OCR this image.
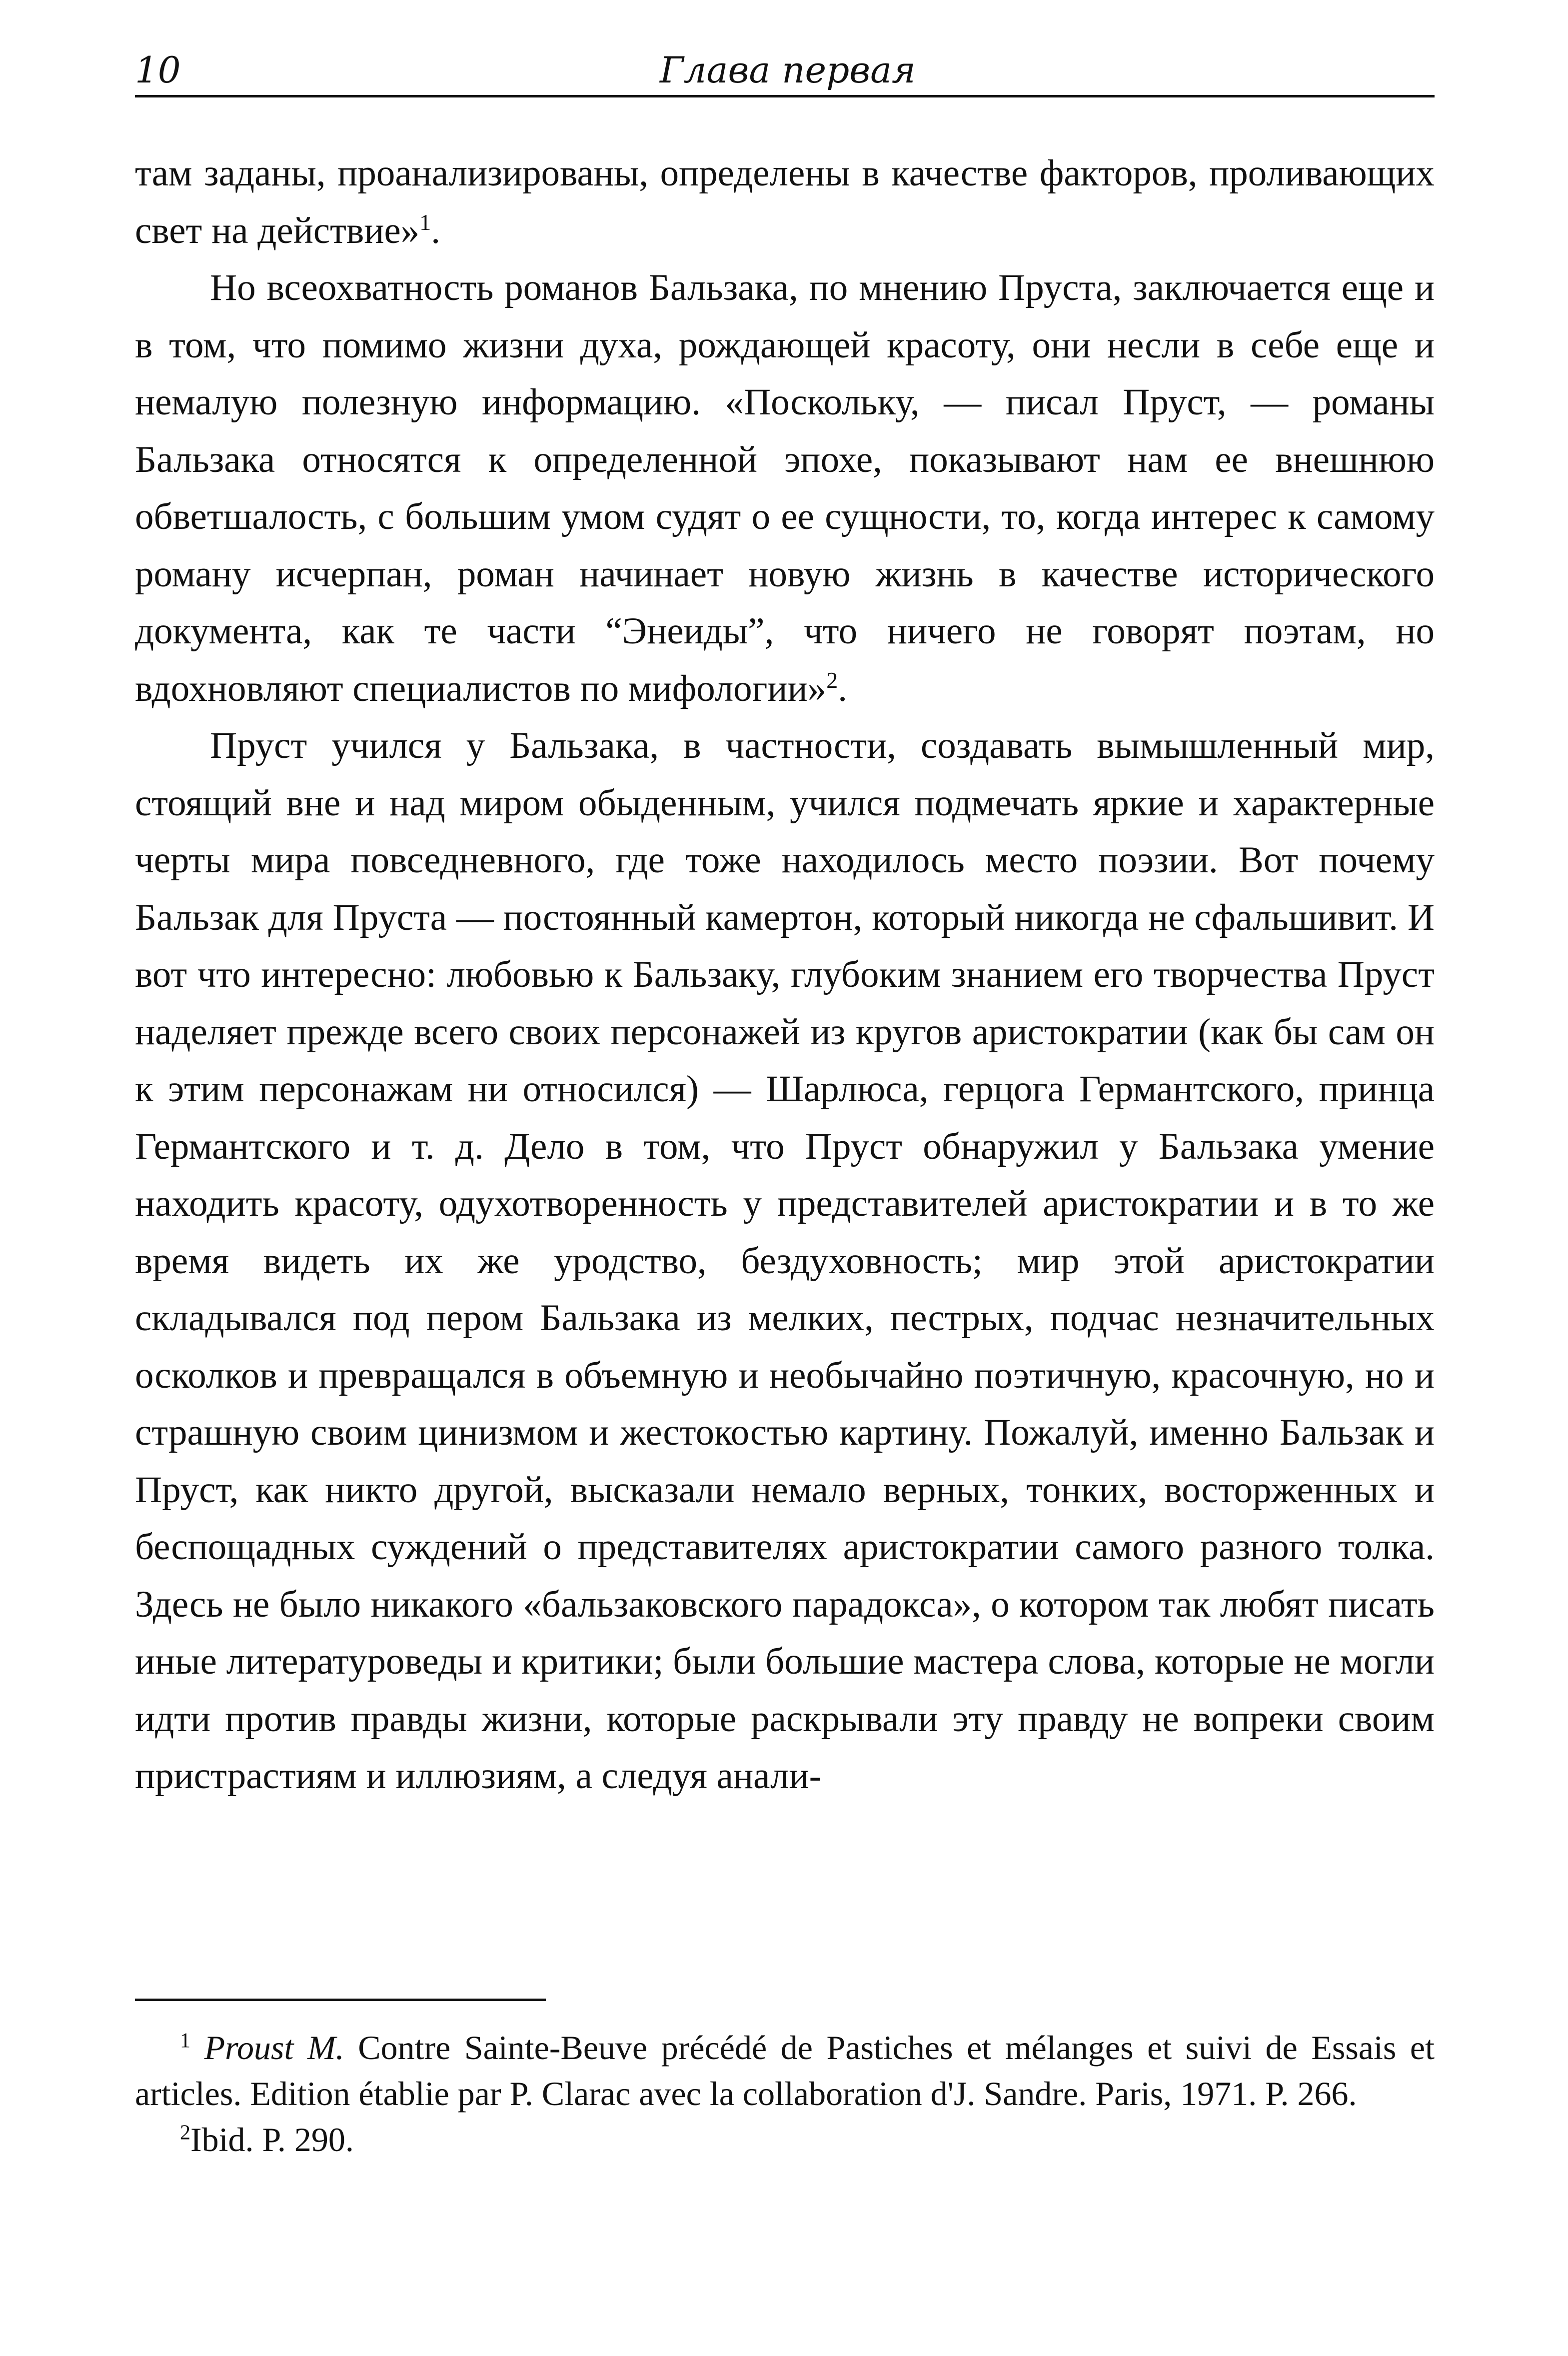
10	Глава первая

там заданы, проанализированы, определены в качестве факторов, проливающих свет на действие»$^1$.

Но всеохватность романов Бальзака, по мнению Пруста, заключается еще и в том, что помимо жизни духа, рождающей красоту, они несли в себе еще и немалую полезную информацию. «Поскольку, — писал Пруст, — романы Бальзака относятся к определенной эпохе, показывают нам ее внешнюю обветшалость, с большим умом судят о ее сущности, то, когда интерес к самому роману исчерпан, роман начинает новую жизнь в качестве исторического документа, как те части “Энеиды”, что ничего не говорят поэтам, но вдохновляют специалистов по мифологии»$^2$.

Пруст учился у Бальзака, в частности, создавать вымышленный мир, стоящий вне и над миром обыденным, учился подмечать яркие и характерные черты мира повседневного, где тоже находилось место поэзии. Вот почему Бальзак для Пруста — постоянный камертон, который никогда не сфальшивит. И вот что интересно: любовью к Бальзаку, глубоким знанием его творчества Пруст наделяет прежде всего своих персонажей из кругов аристократии (как бы сам он к этим персонажам ни относился) — Шарлюса, герцога Германтского, принца Германтского и т. д. Дело в том, что Пруст обнаружил у Бальзака умение находить красоту, одухотворенность у представителей аристократии и в то же время видеть их же уродство, бездуховность; мир этой аристократии складывался под пером Бальзака из мелких, пестрых, подчас незначительных осколков и превращался в объемную и необычайно поэтичную, красочную, но и страшную своим цинизмом и жестокостью картину. Пожалуй, именно Бальзак и Пруст, как никто другой, высказали немало верных, тонких, восторженных и беспощадных суждений о представителях аристократии самого разного толка. Здесь не было никакого «бальзаковского парадокса», о котором так любят писать иные литературоведы и критики; были большие мастера слова, которые не могли идти против правды жизни, которые раскрывали эту правду не вопреки своим пристрастиям и иллюзиям, а следуя анали-

$^1$ Proust M. Contre Sainte-Beuve précédé de Pastiches et mélanges et suivi de Essais et articles. Edition établie par P. Clarac avec la collaboration d'J. Sandre. Paris, 1971. P. 266.

$^2$Ibid. P. 290.
